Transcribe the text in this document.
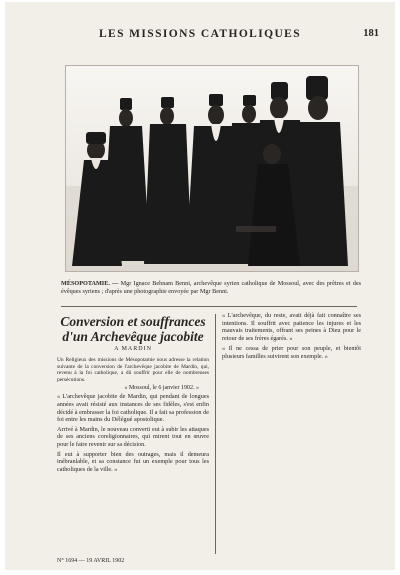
LES MISSIONS CATHOLIQUES	181
MÉSOPOTAMIE. — Mgr Ignace Behnam Benni, archevêque syrien catholique de Mossoul, avec des prêtres et des évêques syriens ; d'après une photographie envoyée par Mgr Benni.
Conversion et souffrances
d'un Archevêque jacobite
A MARDIN
Un Religieux des missions de Mésopotamie nous adresse la relation suivante de la conversion de l'archevêque jacobite de Mardin, qui, revenu à la foi catholique, a dû souffrir pour elle de nombreuses persécutions.
« Mossoul, le 6 janvier 1902. »
« L'archevêque jacobite de Mardin, qui pendant de longues années avait résisté aux instances de ses fidèles, s'est enfin décidé à embrasser la foi catholique. Il a fait sa profession de foi entre les mains du Délégué apostolique.
Arrivé à Mardin, le nouveau converti eut à subir les attaques de ses anciens coreligionnaires, qui mirent tout en œuvre pour le faire revenir sur sa décision.
Il eut à supporter bien des outrages, mais il demeura inébranlable, et sa constance fut un exemple pour tous les catholiques de la ville. »
« L'archevêque, du reste, avait déjà fait connaître ses intentions. Il souffrit avec patience les injures et les mauvais traitements, offrant ses peines à Dieu pour le retour de ses frères égarés. »
« Il ne cessa de prier pour son peuple, et bientôt plusieurs familles suivirent son exemple. »
N° 1694 — 19 AVRIL 1902
